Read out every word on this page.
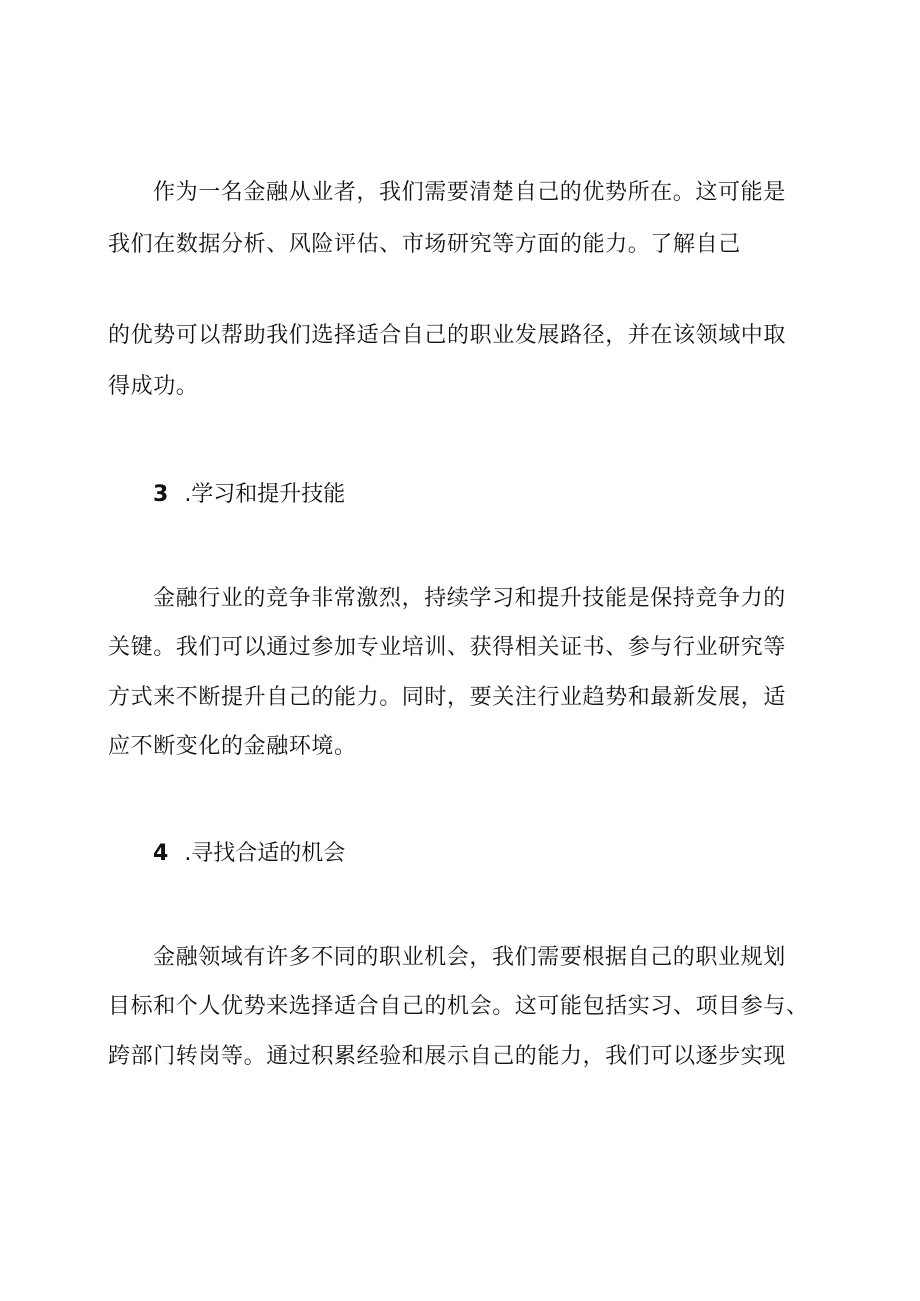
作为一名金融从业者，我们需要清楚自己的优势所在。这可能是
我们在数据分析、风险评估、市场研究等方面的能力。了解自己
的优势可以帮助我们选择适合自己的职业发展路径，并在该领域中取
得成功。
3 .学习和提升技能
金融行业的竞争非常激烈，持续学习和提升技能是保持竞争力的
关键。我们可以通过参加专业培训、获得相关证书、参与行业研究等
方式来不断提升自己的能力。同时，要关注行业趋势和最新发展，适
应不断变化的金融环境。
4 .寻找合适的机会
金融领域有许多不同的职业机会，我们需要根据自己的职业规划
目标和个人优势来选择适合自己的机会。这可能包括实习、项目参与、
跨部门转岗等。通过积累经验和展示自己的能力，我们可以逐步实现
